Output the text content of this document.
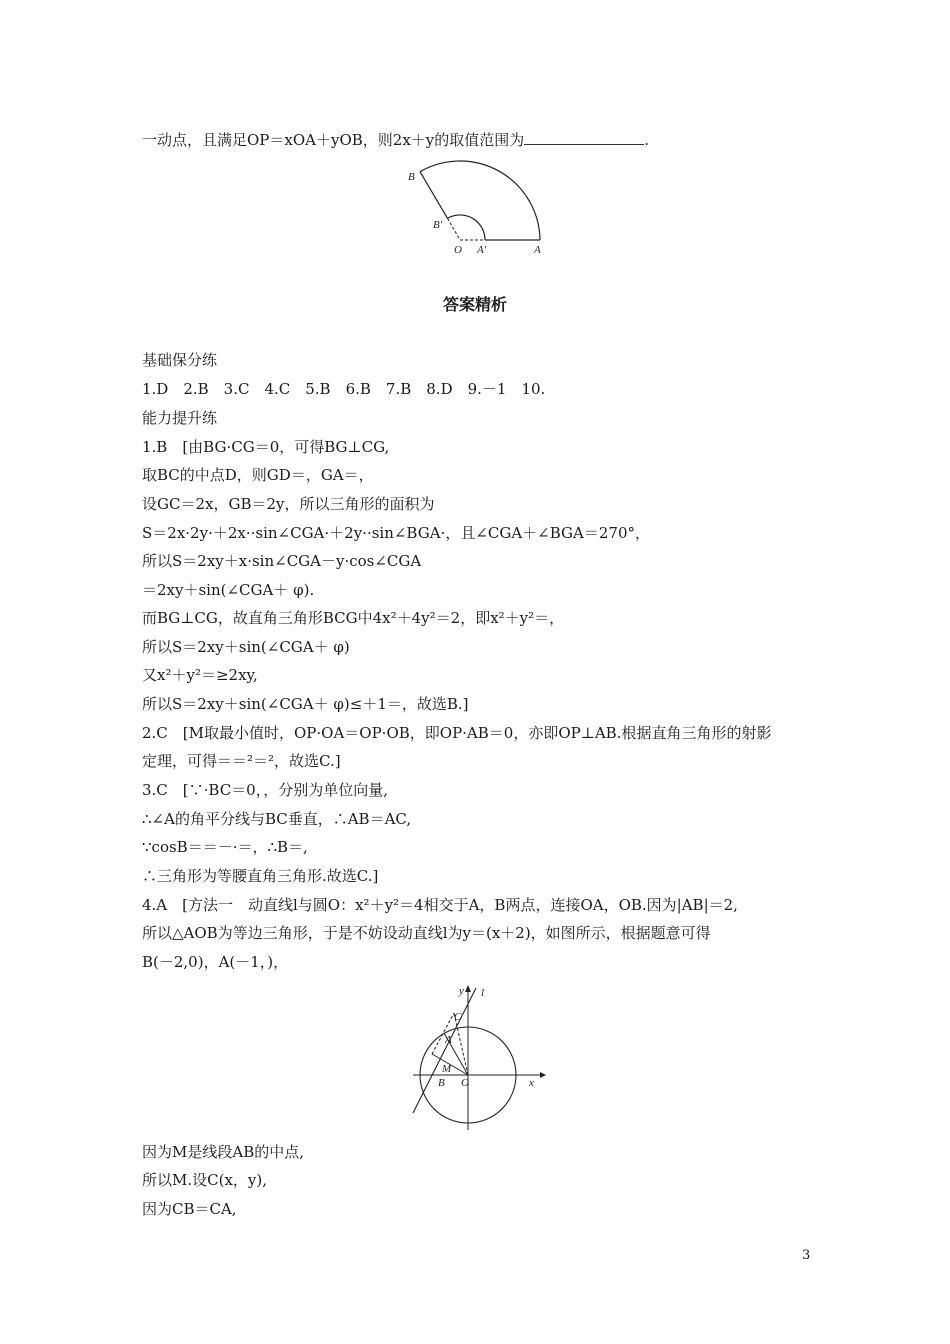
一动点，且满足OP＝xOA＋yOB，则2x＋y的取值范围为	.
B
B′
O A′	A
答案精析
基础保分练
1.D　2.B　3.C　4.C　5.B　6.B　7.B　8.D　9.－1　10.
能力提升练
1.B　[由BG·CG＝0，可得BG⊥CG,
取BC的中点D，则GD＝，GA＝，
设GC＝2x，GB＝2y，所以三角形的面积为
S＝2x·2y·＋2x··sin∠CGA·＋2y··sin∠BGA·，且∠CGA＋∠BGA＝270°，
所以S＝2xy＋x·sin∠CGA－y·cos∠CGA
＝2xy＋sin(∠CGA＋ φ).
而BG⊥CG，故直角三角形BCG中4x²＋4y²＝2，即x²＋y²＝，
所以S＝2xy＋sin(∠CGA＋ φ)
又x²＋y²＝≥2xy,
所以S＝2xy＋sin(∠CGA＋ φ)≤＋1＝，故选B.]
2.C　[M取最小值时，OP·OA＝OP·OB，即OP·AB＝0，亦即OP⊥AB.根据直角三角形的射影
定理，可得＝＝²＝²，故选C.]
3.C　[∵·BC＝0，，分别为单位向量,
∴∠A的角平分线与BC垂直，∴AB＝AC,
∵cosB＝＝－·＝，∴B＝,
∴三角形为等腰直角三角形.故选C.]
4.A　[方法一　动直线l与圆O：x²＋y²＝4相交于A，B两点，连接OA，OB.因为|AB|＝2,
所以△AOB为等边三角形，于是不妨设动直线l为y＝(x＋2)，如图所示，根据题意可得
B(－2,0)，A(－1，)，
y l
C
A
M
B O	x
因为M是线段AB的中点,
所以M.设C(x，y),
因为CB＝CA,
3
